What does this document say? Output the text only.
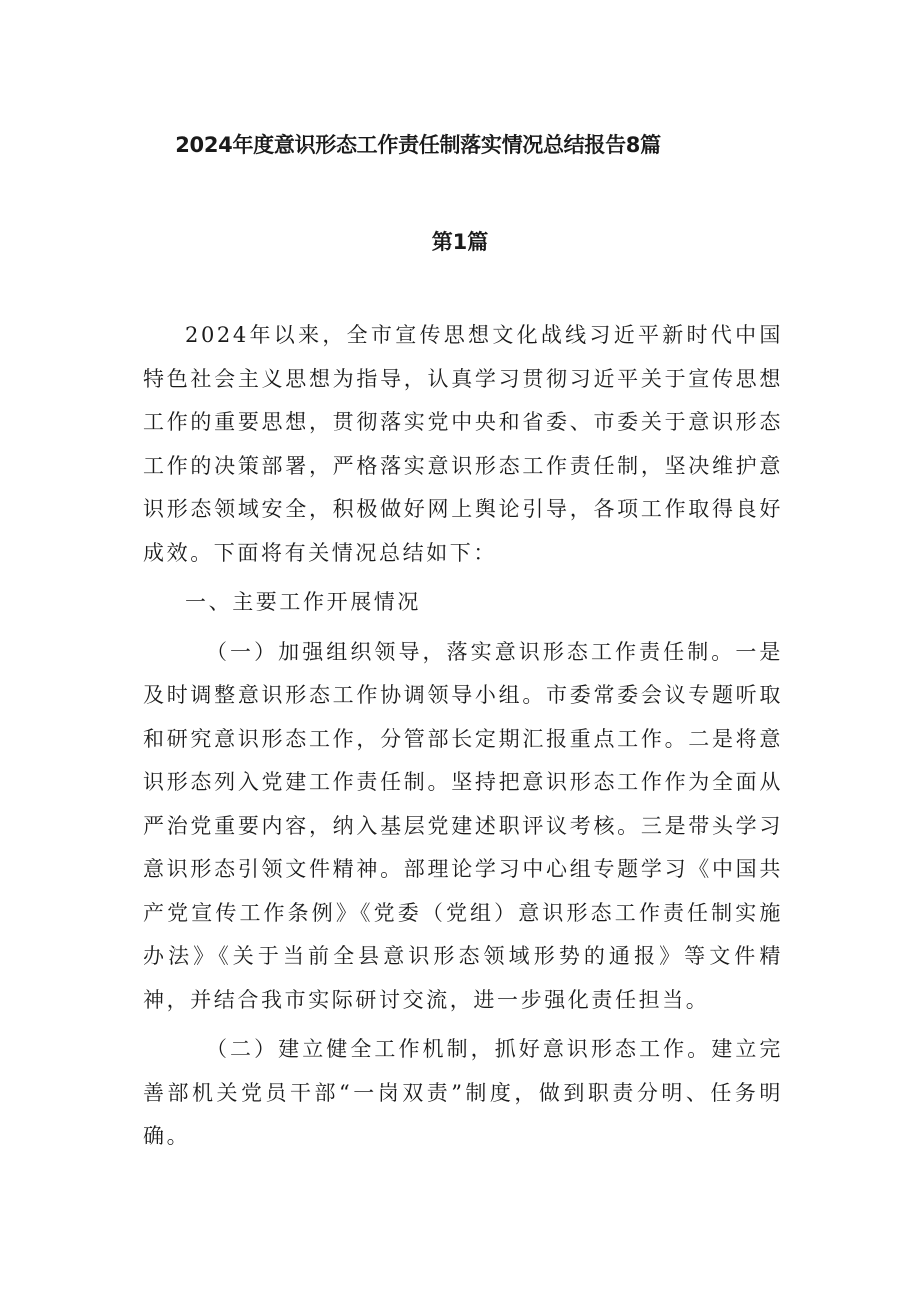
2024年度意识形态工作责任制落实情况总结报告8篇
第1篇

2024年以来，全市宣传思想文化战线习近平新时代中国特色社会主义思想为指导，认真学习贯彻习近平关于宣传思想工作的重要思想，贯彻落实党中央和省委、市委关于意识形态工作的决策部署，严格落实意识形态工作责任制，坚决维护意识形态领域安全，积极做好网上舆论引导，各项工作取得良好成效。下面将有关情况总结如下：

一、主要工作开展情况

（一）加强组织领导，落实意识形态工作责任制。一是及时调整意识形态工作协调领导小组。市委常委会议专题听取和研究意识形态工作，分管部长定期汇报重点工作。二是将意识形态列入党建工作责任制。坚持把意识形态工作作为全面从严治党重要内容，纳入基层党建述职评议考核。三是带头学习意识形态引领文件精神。部理论学习中心组专题学习《中国共产党宣传工作条例》《党委（党组）意识形态工作责任制实施办法》《关于当前全县意识形态领域形势的通报》等文件精神，并结合我市实际研讨交流，进一步强化责任担当。

（二）建立健全工作机制，抓好意识形态工作。建立完善部机关党员干部“一岗双责”制度，做到职责分明、任务明确。
